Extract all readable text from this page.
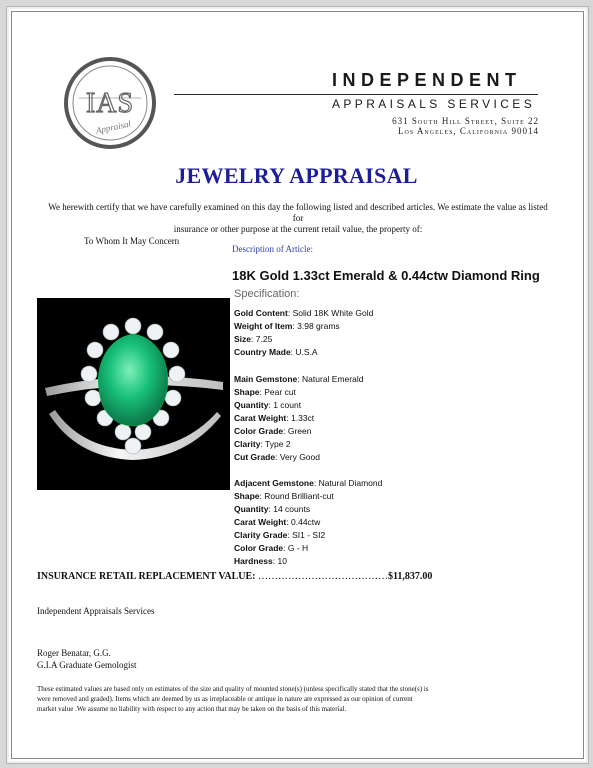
IAS
Appraisal
INDEPENDENT
APPRAISALS SERVICES
631 South Hill Street, Suite 22
Los Angeles, California 90014
JEWELRY APPRAISAL
We herewith certify that we have carefully examined on this day the following listed and described articles. We estimate the value as listed for
insurance or other purpose at the current retail value, the property of:
To Whom It May Concern
Description of Article:
18K Gold 1.33ct Emerald & 0.44ctw Diamond Ring
Specification:
Gold Content: Solid 18K White Gold
Weight of Item: 3.98 grams
Size: 7.25
Country Made: U.S.A
Main Gemstone: Natural Emerald
Shape: Pear cut
Quantity: 1 count
Carat Weight: 1.33ct
Color Grade: Green
Clarity: Type 2
Cut Grade: Very Good
Adjacent Gemstone: Natural Diamond
Shape: Round Brilliant-cut
Quantity: 14 counts
Carat Weight: 0.44ctw
Clarity Grade: SI1 - SI2
Color Grade: G - H
Hardness: 10
INSURANCE RETAIL REPLACEMENT VALUE: …………………………………$11,837.00
Independent Appraisals Services
Roger Benatar, G.G.
G.I.A Graduate Gemologist
These estimated values are based only on estimates of the size and quality of mounted stone(s) (unless specifically stated that the stone(s) is
were removed and graded). Items which are deemed by us as irreplaceable or antique in nature are expressed as our opinion of current
market value .We assume no liability with respect to any action that may be taken on the basis of this material.
